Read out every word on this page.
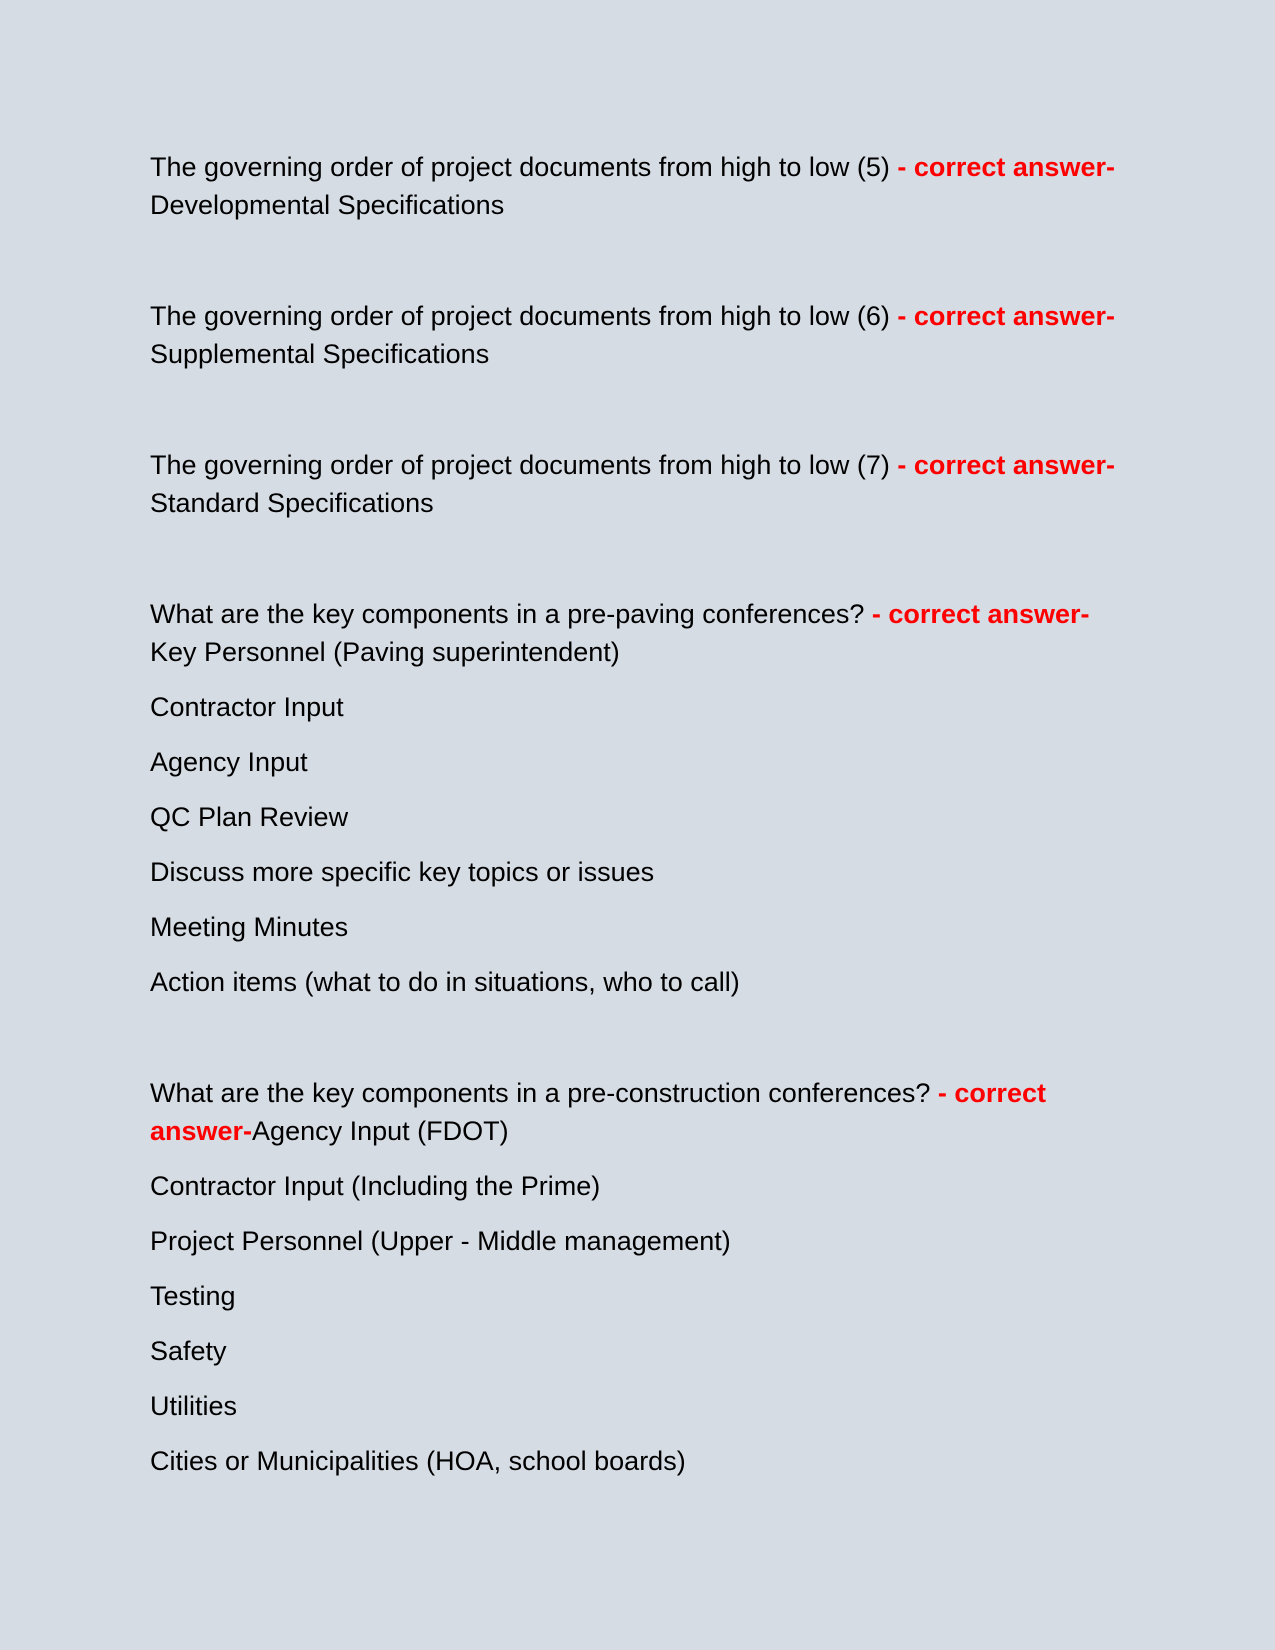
The governing order of project documents from high to low (5) - correct answer-Developmental Specifications

The governing order of project documents from high to low (6) - correct answer-Supplemental Specifications

The governing order of project documents from high to low (7) - correct answer-Standard Specifications

What are the key components in a pre-paving conferences? - correct answer-Key Personnel (Paving superintendent)

Contractor Input

Agency Input

QC Plan Review

Discuss more specific key topics or issues

Meeting Minutes

Action items (what to do in situations, who to call)

What are the key components in a pre-construction conferences? - correct answer-Agency Input (FDOT)

Contractor Input (Including the Prime)

Project Personnel (Upper - Middle management)

Testing

Safety

Utilities

Cities or Municipalities (HOA, school boards)
